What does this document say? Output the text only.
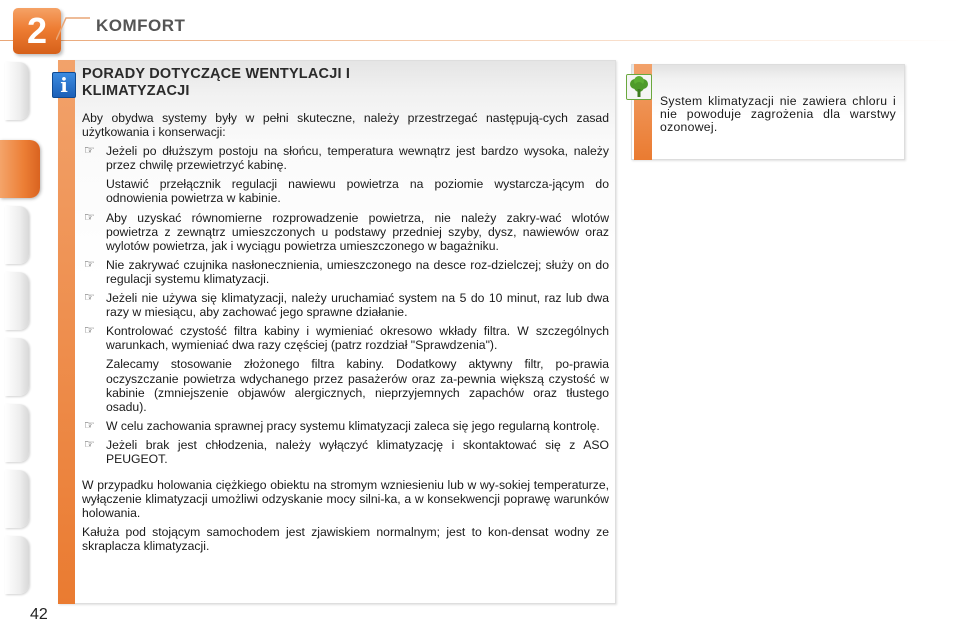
2	KOMFORT
i PORADY DOTYCZĄCE WENTYLACJI I KLIMATYZACJI

Aby obydwa systemy były w pełni skuteczne, należy przestrzegać następują-cych zasad użytkowania i konserwacji:

☞ Jeżeli po dłuższym postoju na słońcu, temperatura wewnątrz jest bardzo wysoka, należy przez chwilę przewietrzyć kabinę.

Ustawić przełącznik regulacji nawiewu powietrza na poziomie wystarcza-jącym do odnowienia powietrza w kabinie.

☞ Aby uzyskać równomierne rozprowadzenie powietrza, nie należy zakry-wać wlotów powietrza z zewnątrz umieszczonych u podstawy przedniej szyby, dysz, nawiewów oraz wylotów powietrza, jak i wyciągu powietrza umieszczonego w bagażniku.
☞ Nie zakrywać czujnika nasłonecznienia, umieszczonego na desce roz-dzielczej; służy on do regulacji systemu klimatyzacji.
☞ Jeżeli nie używa się klimatyzacji, należy uruchamiać system na 5 do 10 minut, raz lub dwa razy w miesiącu, aby zachować jego sprawne działanie.
☞ Kontrolować czystość filtra kabiny i wymieniać okresowo wkłady filtra. W szczególnych warunkach, wymieniać dwa razy częściej (patrz rozdział "Sprawdzenia").

Zalecamy stosowanie złożonego filtra kabiny. Dodatkowy aktywny filtr, po-prawia oczyszczanie powietrza wdychanego przez pasażerów oraz za-pewnia większą czystość w kabinie (zmniejszenie objawów alergicznych, nieprzyjemnych zapachów oraz tłustego osadu).

☞ W celu zachowania sprawnej pracy systemu klimatyzacji zaleca się jego regularną kontrolę.
☞ Jeżeli brak jest chłodzenia, należy wyłączyć klimatyzację i skontaktować się z ASO PEUGEOT.

W przypadku holowania ciężkiego obiektu na stromym wzniesieniu lub w wy-sokiej temperaturze, wyłączenie klimatyzacji umożliwi odzyskanie mocy silni-ka, a w konsekwencji poprawę warunków holowania.

Kałuża pod stojącym samochodem jest zjawiskiem normalnym; jest to kon-densat wodny ze skraplacza klimatyzacji.

System klimatyzacji nie zawiera chloru i nie powoduje zagrożenia dla warstwy ozonowej.
42
